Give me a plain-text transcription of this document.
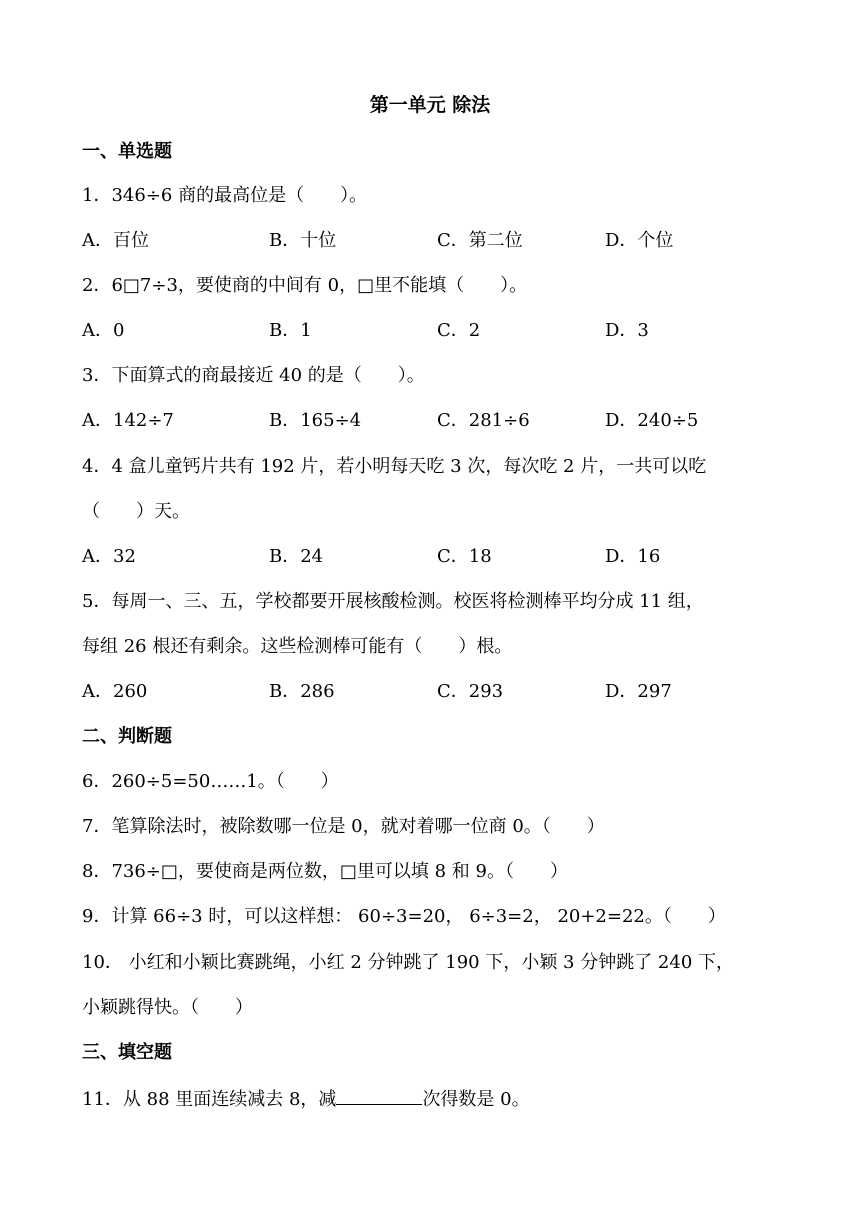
第一单元 除法
一、单选题
1．346÷6 商的最高位是（　　）。
A．百位	B．十位	C．第二位	D．个位
2．6□7÷3，要使商的中间有 0，□里不能填（　　）。
A．0	B．1	C．2	D．3
3．下面算式的商最接近 40 的是（　　）。
A．142÷7	B．165÷4	C．281÷6	D．240÷5
4．4 盒儿童钙片共有 192 片，若小明每天吃 3 次，每次吃 2 片，一共可以吃
（　　）天。
A．32	B．24	C．18	D．16
5．每周一、三、五，学校都要开展核酸检测。校医将检测棒平均分成 11 组，
每组 26 根还有剩余。这些检测棒可能有（　　）根。
A．260	B．286	C．293	D．297
二、判断题
6．260÷5=50……1。（　　）
7．笔算除法时，被除数哪一位是 0，就对着哪一位商 0。（　　）
8．736÷□，要使商是两位数，□里可以填 8 和 9。（　　）
9．计算 66÷3 时，可以这样想： 60÷3=20， 6÷3=2， 20+2=22。（　　）
10． 小红和小颖比赛跳绳，小红 2 分钟跳了 190 下，小颖 3 分钟跳了 240 下，
小颖跳得快。（　　）
三、填空题
11．从 88 里面连续减去 8，减	次得数是 0。
